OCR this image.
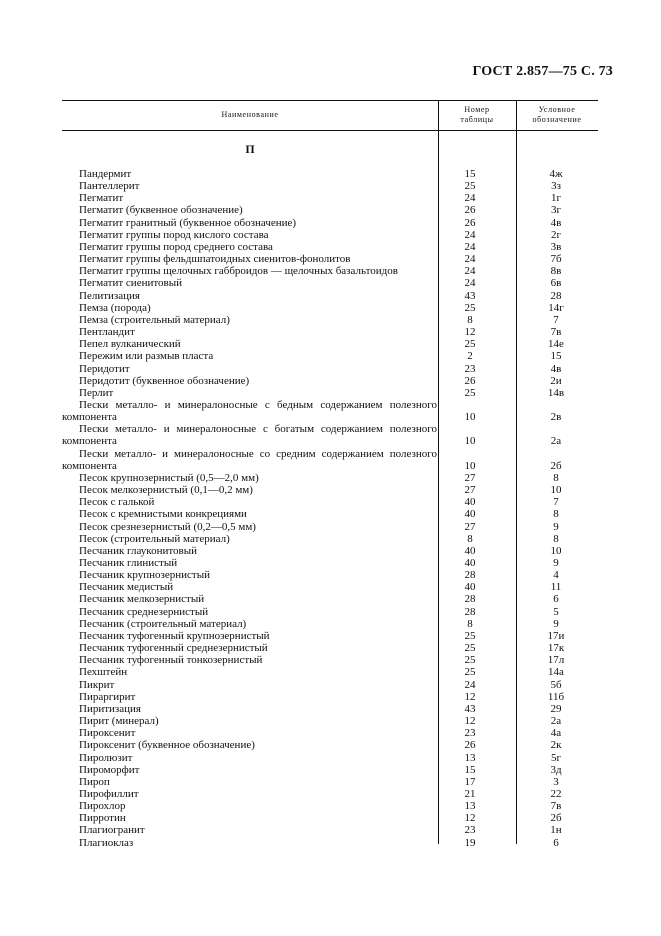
ГОСТ 2.857—75 С. 73
Наименование
Номер таблицы
Условное обозначение
П
Пандермит	15	4ж
Пантеллерит	25	3з
Пегматит	24	1г
Пегматит (буквенное обозначение)	26	3г
Пегматит гранитный (буквенное обозначение)	26	4в
Пегматит группы пород кислого состава	24	2г
Пегматит группы пород среднего состава	24	3в
Пегматит группы фельдшпатоидных сиенитов-фонолитов	24	7б
Пегматит группы щелочных габброидов — щелочных базальтоидов	24	8в
Пегматит сиенитовый	24	6в
Пелитизация	43	28
Пемза (порода)	25	14г
Пемза (строительный материал)	8	7
Пентландит	12	7в
Пепел вулканический	25	14е
Пережим или размыв пласта	2	15
Перидотит	23	4в
Перидотит (буквенное обозначение)	26	2и
Перлит	25	14в
Пески металло- и минералоносные с бедным содержанием полезного
компонента	10	2в
Пески металло- и минералоносные с богатым содержанием полезного
компонента	10	2а
Пески металло- и минералоносные со средним содержанием полезного
компонента	10	2б
Песок крупнозернистый (0,5—2,0 мм)	27	8
Песок мелкозернистый (0,1—0,2 мм)	27	10
Песок с галькой	40	7
Песок с кремнистыми конкрециями	40	8
Песок срезнезернистый (0,2—0,5 мм)	27	9
Песок (строительный материал)	8	8
Песчаник глауконитовый	40	10
Песчаник глинистый	40	9
Песчаник крупнозернистый	28	4
Песчаник медистый	40	11
Песчаник мелкозернистый	28	6
Песчаник среднезернистый	28	5
Песчаник (строительный материал)	8	9
Песчаник туфогенный крупнозернистый	25	17и
Песчаник туфогенный среднезернистый	25	17к
Песчаник туфогенный тонкозернистый	25	17л
Пехштейн	25	14а
Пикрит	24	5б
Пираргирит	12	11б
Пиритизация	43	29
Пирит (минерал)	12	2а
Пироксенит	23	4а
Пироксенит (буквенное обозначение)	26	2к
Пиролюзит	13	5г
Пироморфит	15	3д
Пироп	17	3
Пирофиллит	21	22
Пирохлор	13	7в
Пирротин	12	2б
Плагиогранит	23	1н
Плагиоклаз	19	6
